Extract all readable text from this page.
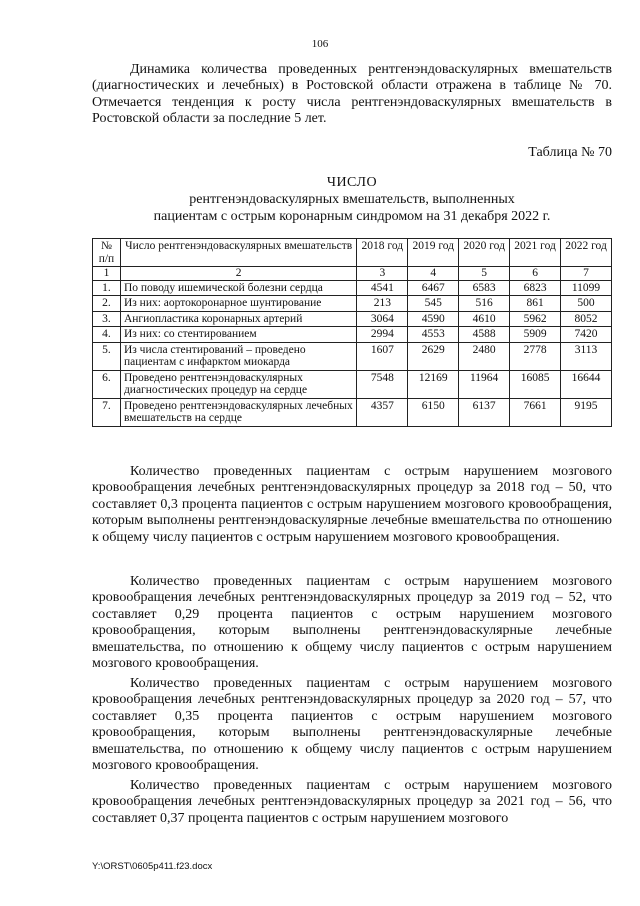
106

Динамика количества проведенных рентгенэндоваскулярных вмешательств (диагностических и лечебных) в Ростовской области отражена в таблице № 70. Отмечается тенденция к росту числа рентгенэндоваскулярных вмешательств в Ростовской области за последние 5 лет.

Таблица № 70
ЧИСЛО
рентгенэндоваскулярных вмешательств, выполненных
пациентам с острым коронарным синдромом на 31 декабря 2022 г.
№ п/п	Число рентгенэндоваскулярных вмешательств	2018 год	2019 год	2020 год	2021 год	2022 год
1	2	3	4	5	6	7
1.	По поводу ишемической болезни сердца	4541	6467	6583	6823	11099
2.	Из них: аортокоронарное шунтирование	213	545	516	861	500
3.	Ангиопластика коронарных артерий	3064	4590	4610	5962	8052
4.	Из них: со стентированием	2994	4553	4588	5909	7420
5.	Из числа стентирований – проведено пациентам с инфарктом миокарда	1607	2629	2480	2778	3113
6.	Проведено рентгенэндоваскулярных диагностических процедур на сердце	7548	12169	11964	16085	16644
7.	Проведено рентгенэндоваскулярных лечебных вмешательств на сердце	4357	6150	6137	7661	9195

Количество проведенных пациентам с острым нарушением мозгового кровообращения лечебных рентгенэндоваскулярных процедур за 2018 год – 50, что составляет 0,3 процента пациентов с острым нарушением мозгового кровообращения, которым выполнены рентгенэндоваскулярные лечебные вмешательства по отношению к общему числу пациентов с острым нарушением мозгового кровообращения.

Количество проведенных пациентам с острым нарушением мозгового кровообращения лечебных рентгенэндоваскулярных процедур за 2019 год – 52, что составляет 0,29 процента пациентов с острым нарушением мозгового кровообращения, которым выполнены рентгенэндоваскулярные лечебные вмешательства, по отношению к общему числу пациентов с острым нарушением мозгового кровообращения.

Количество проведенных пациентам с острым нарушением мозгового кровообращения лечебных рентгенэндоваскулярных процедур за 2020 год – 57, что составляет 0,35 процента пациентов с острым нарушением мозгового кровообращения, которым выполнены рентгенэндоваскулярные лечебные вмешательства, по отношению к общему числу пациентов с острым нарушением мозгового кровообращения.

Количество проведенных пациентам с острым нарушением мозгового кровообращения лечебных рентгенэндоваскулярных процедур за 2021 год – 56, что составляет 0,37 процента пациентов с острым нарушением мозгового

Y:\ORST\0605p411.f23.docx
